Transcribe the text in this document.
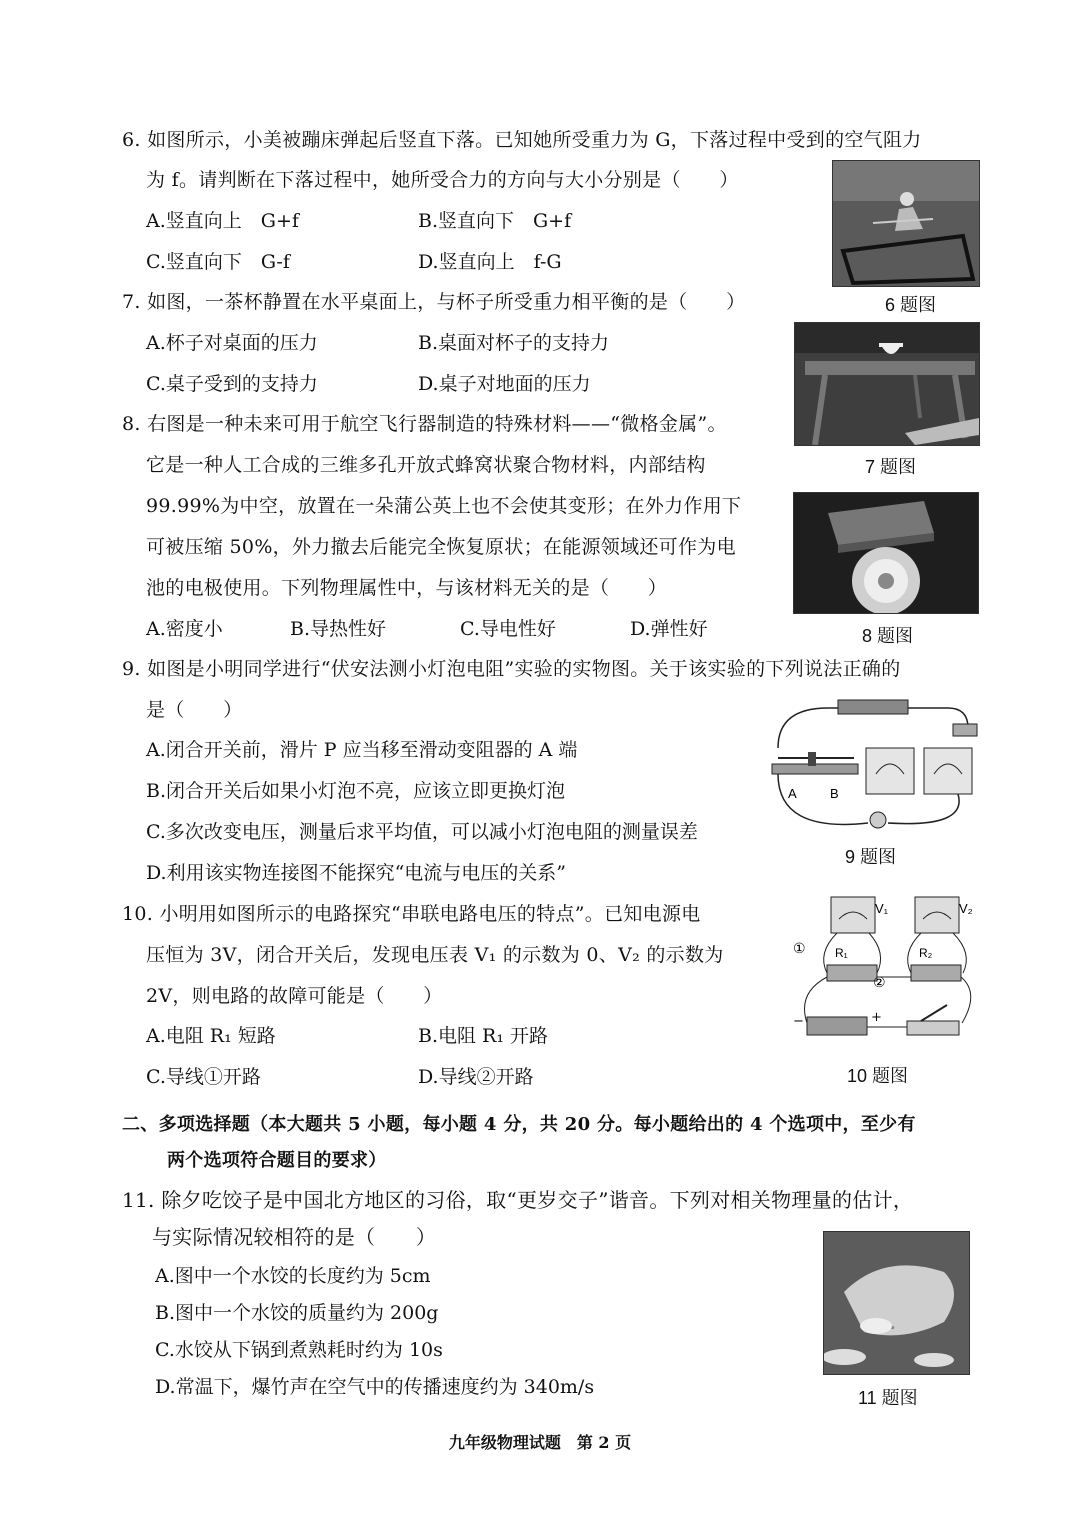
6. 如图所示，小美被蹦床弹起后竖直下落。已知她所受重力为 G，下落过程中受到的空气阻力
为 f。请判断在下落过程中，她所受合力的方向与大小分别是（　　）
A.竖直向上　G+f	B.竖直向下　G+f
C.竖直向下　G-f	D.竖直向上　f-G
6 题图
7. 如图，一茶杯静置在水平桌面上，与杯子所受重力相平衡的是（　　）
A.杯子对桌面的压力	B.桌面对杯子的支持力
C.桌子受到的支持力	D.桌子对地面的压力
7 题图
8. 右图是一种未来可用于航空飞行器制造的特殊材料——“微格金属”。
它是一种人工合成的三维多孔开放式蜂窝状聚合物材料，内部结构
99.99%为中空，放置在一朵蒲公英上也不会使其变形；在外力作用下
可被压缩 50%，外力撤去后能完全恢复原状；在能源领域还可作为电
池的电极使用。下列物理属性中，与该材料无关的是（　　）
A.密度小	B.导热性好	C.导电性好	D.弹性好	8 题图
9. 如图是小明同学进行“伏安法测小灯泡电阻”实验的实物图。关于该实验的下列说法正确的
是（　　）
A.闭合开关前，滑片 P 应当移至滑动变阻器的 A 端
B.闭合开关后如果小灯泡不亮，应该立即更换灯泡
C.多次改变电压，测量后求平均值，可以减小灯泡电阻的测量误差
D.利用该实物连接图不能探究“电流与电压的关系”
A	B
9 题图
10. 小明用如图所示的电路探究“串联电路电压的特点”。已知电源电
压恒为 3V，闭合开关后，发现电压表 V₁ 的示数为 0、V₂ 的示数为
2V，则电路的故障可能是（　　）
A.电阻 R₁ 短路	B.电阻 R₁ 开路
C.导线①开路	D.导线②开路
V₁	V₂
① R₁
②
R₂
−	+
10 题图
二、多项选择题（本大题共 5 小题，每小题 4 分，共 20 分。每小题给出的 4 个选项中，至少有
两个选项符合题目的要求）
11. 除夕吃饺子是中国北方地区的习俗，取“更岁交子”谐音。下列对相关物理量的估计，
与实际情况较相符的是（　　）
A.图中一个水饺的长度约为 5cm
B.图中一个水饺的质量约为 200g
C.水饺从下锅到煮熟耗时约为 10s
D.常温下，爆竹声在空气中的传播速度约为 340m/s	11 题图
九年级物理试题　第 2 页
